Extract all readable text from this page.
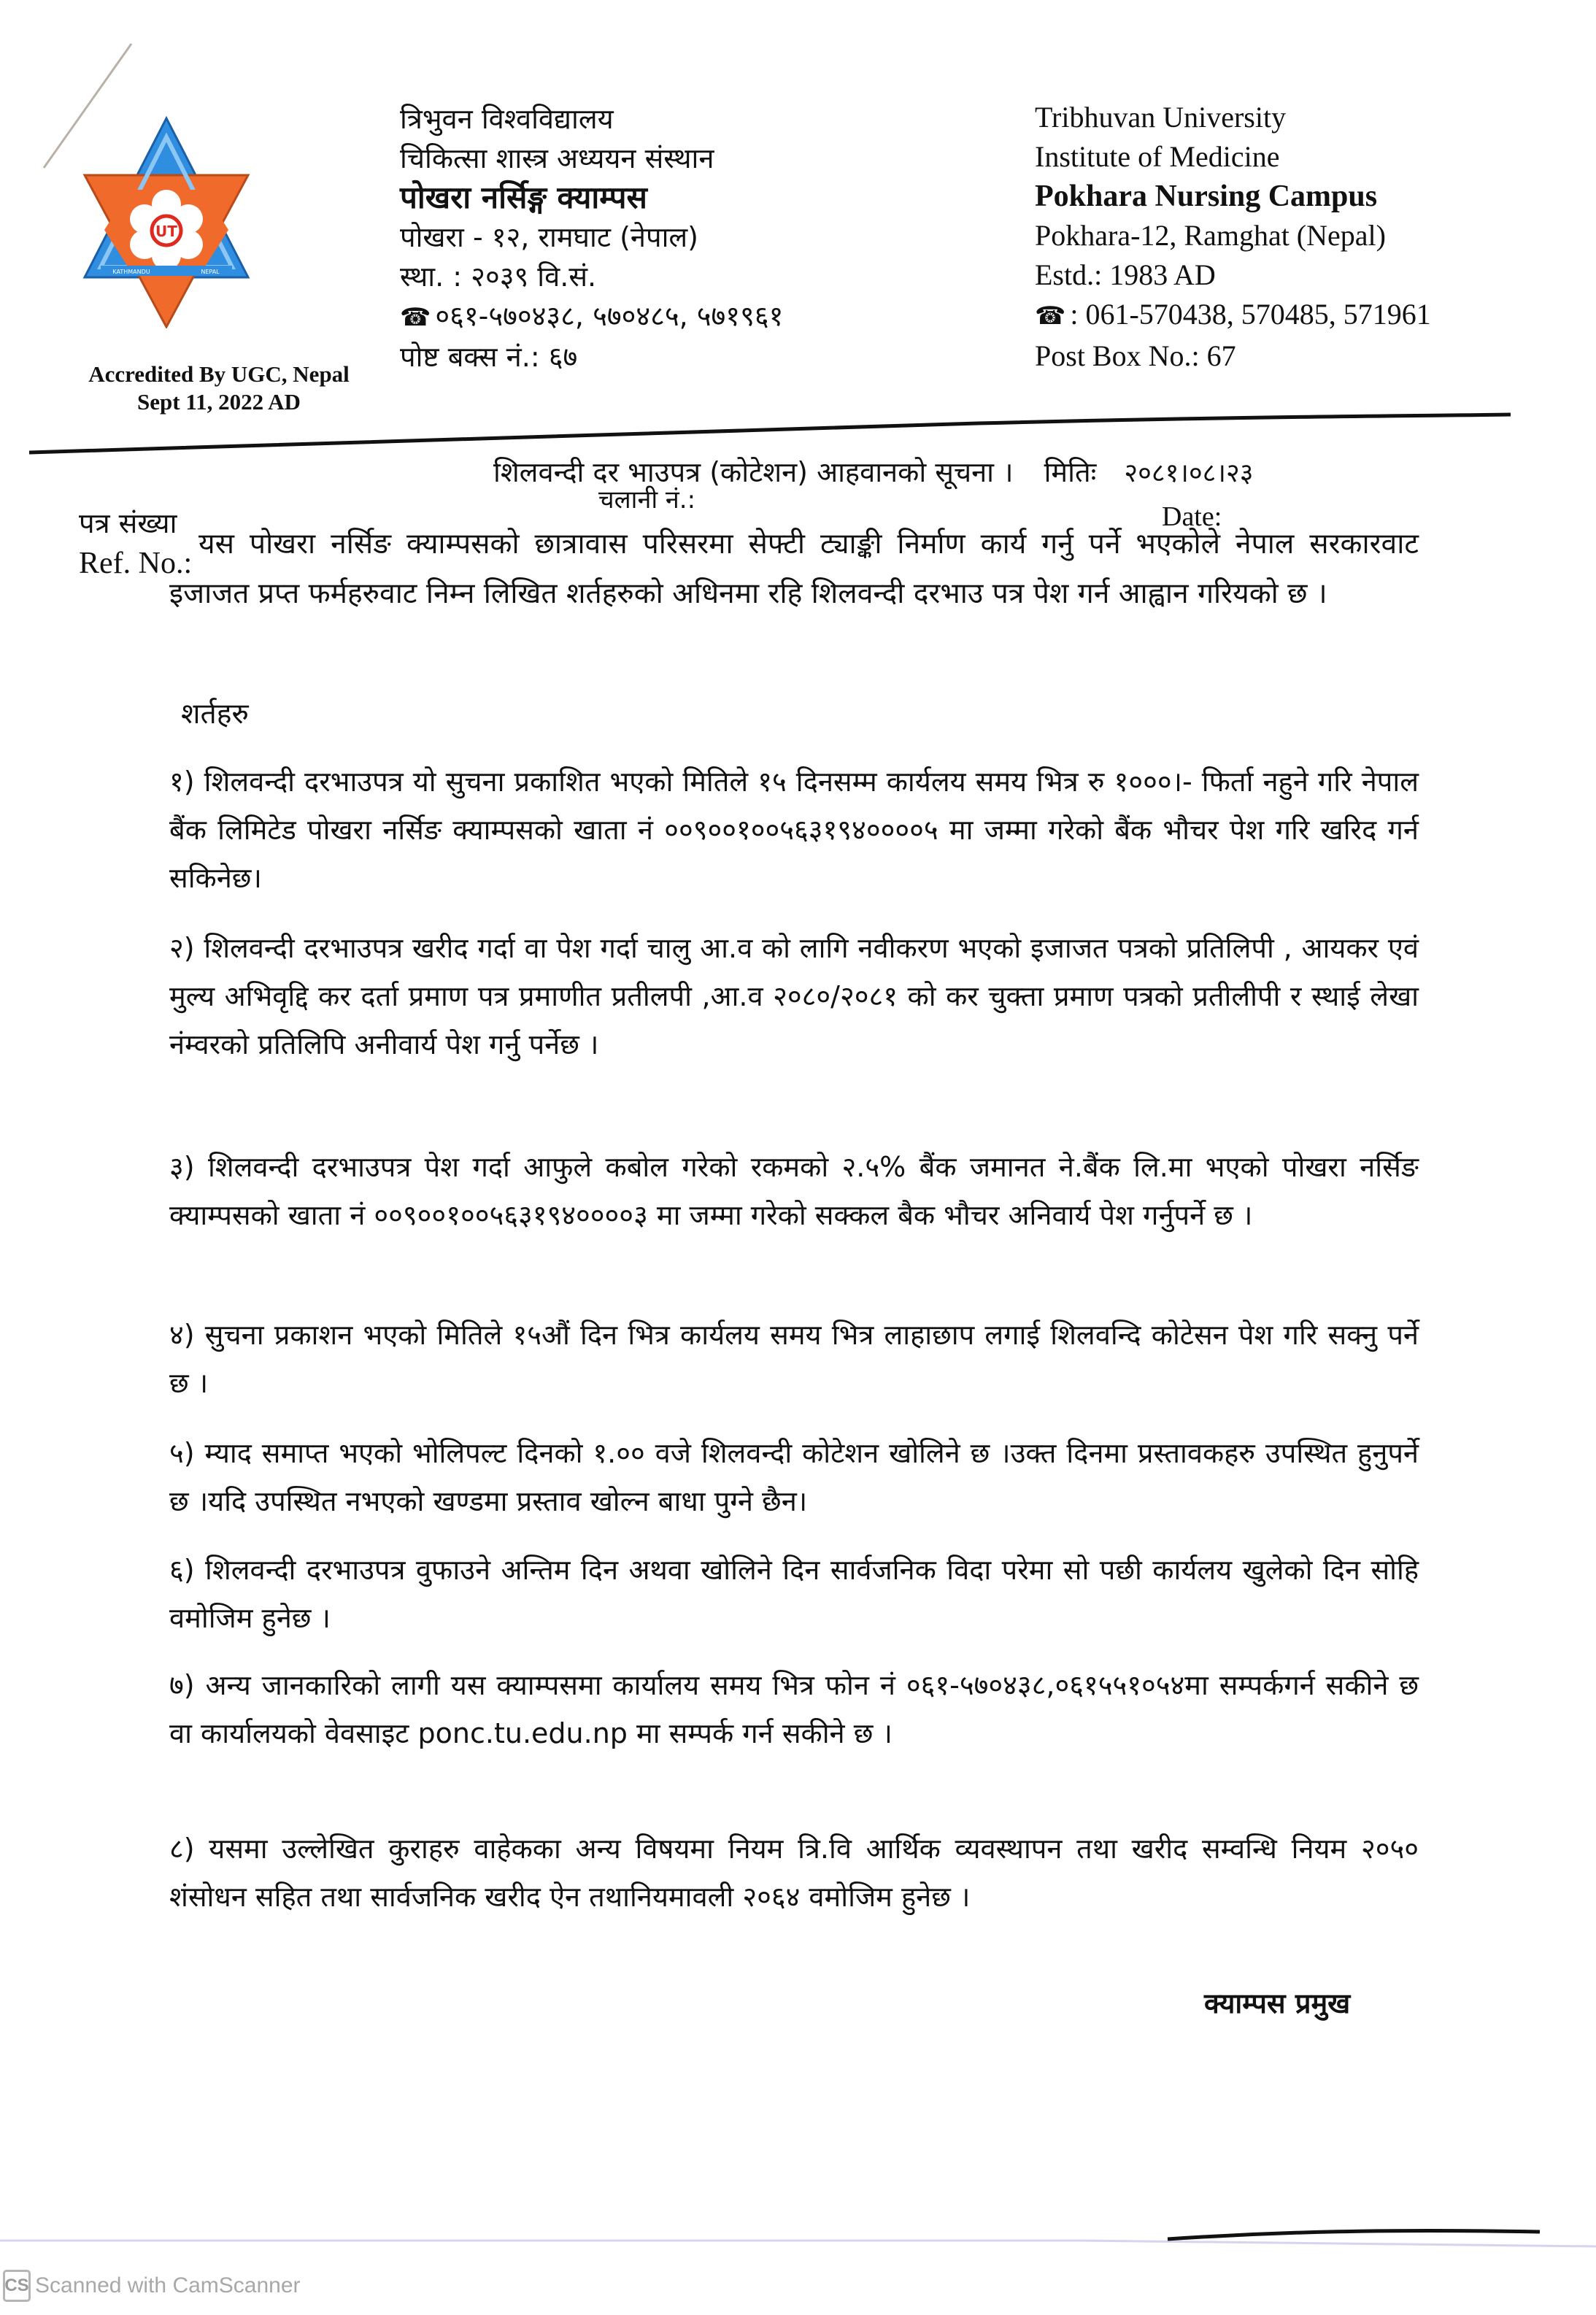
UT
KATHMANDU	NEPAL
Accredited By UGC, Nepal
Sept 11, 2022 AD
त्रिभुवन विश्वविद्यालय
चिकित्सा शास्त्र अध्ययन संस्थान
पोखरा नर्सिङ्ग क्याम्पस
पोखरा - १२, रामघाट (नेपाल)
स्था. : २०३९ वि.सं.
☎ ०६१-५७०४३८, ५७०४८५, ५७१९६१
पोष्ट बक्स नं.: ६७
Tribhuvan University
Institute of Medicine
Pokhara Nursing Campus
Pokhara-12, Ramghat (Nepal)
Estd.: 1983 AD
☎ : 061-570438, 570485, 571961
Post Box No.: 67
शिलवन्दी दर भाउपत्र (कोटेशन) आहवानको सूचना । मितिः २०८१।०८।२३
चलानी नं.:
पत्र संख्या
Ref. No.:
Date:
यस पोखरा नर्सिङ क्याम्पसको छात्रावास परिसरमा सेफ्टी ट्याङ्की निर्माण कार्य गर्नु पर्ने भएकोले नेपाल सरकारवाट इजाजत प्रप्त फर्महरुवाट निम्न लिखित शर्तहरुको अधिनमा रहि शिलवन्दी दरभाउ पत्र पेश गर्न आह्वान गरियको छ ।
शर्तहरु
१) शिलवन्दी दरभाउपत्र यो सुचना प्रकाशित भएको मितिले १५ दिनसम्म कार्यलय समय भित्र रु १०००।- फिर्ता नहुने गरि नेपाल बैंक लिमिटेड पोखरा नर्सिङ क्याम्पसको खाता नं ००९००१००५६३१९४००००५ मा जम्मा गरेको बैंक भौचर पेश गरि खरिद गर्न सकिनेछ।
२) शिलवन्दी दरभाउपत्र खरीद गर्दा वा पेश गर्दा चालु आ.व को लागि नवीकरण भएको इजाजत पत्रको प्रतिलिपी , आयकर एवं मुल्य अभिवृद्दि कर दर्ता प्रमाण पत्र प्रमाणीत प्रतीलपी ,आ.व २०८०/२०८१ को कर चुक्ता प्रमाण पत्रको प्रतीलीपी र स्थाई लेखा नंम्वरको प्रतिलिपि अनीवार्य पेश गर्नु पर्नेछ ।
३) शिलवन्दी दरभाउपत्र पेश गर्दा आफुले कबोल गरेको रकमको २.५% बैंक जमानत ने.बैंक लि.मा भएको पोखरा नर्सिङ क्याम्पसको खाता नं ००९००१००५६३१९४००००३ मा जम्मा गरेको सक्कल बैक भौचर अनिवार्य पेश गर्नुपर्ने छ ।
४) सुचना प्रकाशन भएको मितिले १५औं दिन भित्र कार्यलय समय भित्र लाहाछाप लगाई शिलवन्दि कोटेसन पेश गरि सक्नु पर्ने छ ।
५) म्याद समाप्त भएको भोलिपल्ट दिनको १.०० वजे शिलवन्दी कोटेशन खोलिने छ ।उक्त दिनमा प्रस्तावकहरु उपस्थित हुनुपर्ने छ ।यदि उपस्थित नभएको खण्डमा प्रस्ताव खोल्न बाधा पुग्ने छैन।
६) शिलवन्दी दरभाउपत्र वुफाउने अन्तिम दिन अथवा खोलिने दिन सार्वजनिक विदा परेमा सो पछी कार्यलय खुलेको दिन सोहि वमोजिम हुनेछ ।
७) अन्य जानकारिको लागी यस क्याम्पसमा कार्यालय समय भित्र फोन नं ०६१-५७०४३८,०६१५५१०५४मा सम्पर्कगर्न सकीने छ वा कार्यालयको वेवसाइट ponc.tu.edu.np मा सम्पर्क गर्न सकीने छ ।
८) यसमा उल्लेखित कुराहरु वाहेकका अन्य विषयमा नियम त्रि.वि आर्थिक व्यवस्थापन तथा खरीद सम्वन्धि नियम २०५० शंसोधन सहित तथा सार्वजनिक खरीद ऐन तथानियमावली २०६४ वमोजिम हुनेछ ।
क्याम्पस प्रमुख
CS Scanned with CamScanner
